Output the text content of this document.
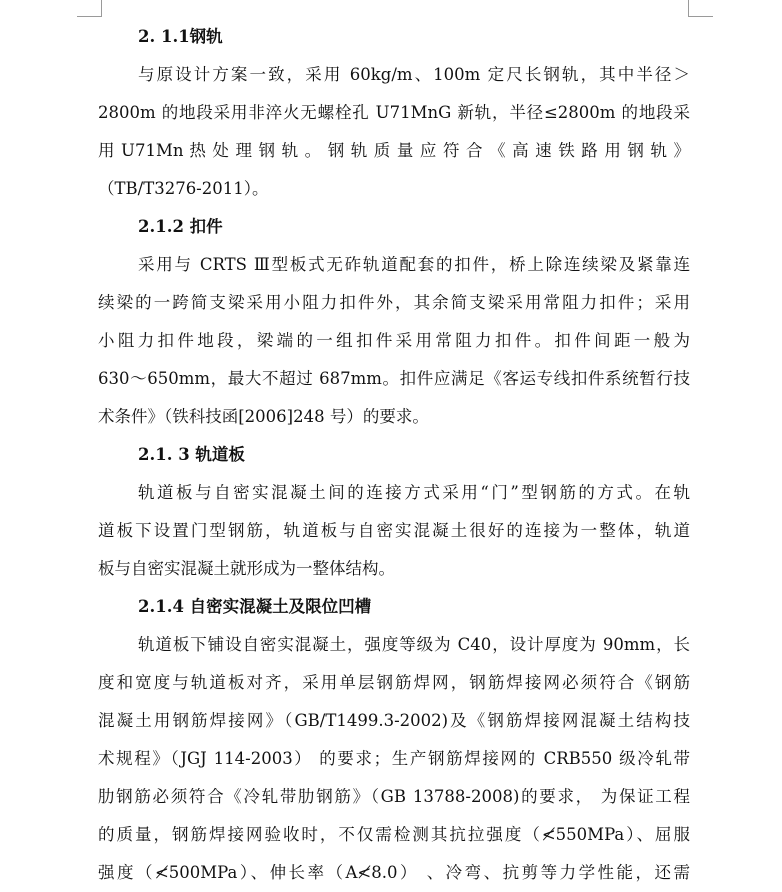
2. 1.1钢轨
与原设计方案一致，采用 60kg/m、100m 定尺长钢轨，其中半径＞
2800m 的地段采用非淬火无螺栓孔 U71MnG 新轨，半径≤2800m 的地段采
用 U71Mn 热 处 理 钢 轨 。 钢 轨 质 量 应 符 合 《 高 速 铁 路 用 钢 轨 》
（TB/T3276-2011）。
2.1.2 扣件
采用与 CRTS Ⅲ型板式无砟轨道配套的扣件，桥上除连续梁及紧靠连
续梁的一跨简支梁采用小阻力扣件外，其余简支梁采用常阻力扣件；采用
小阻力扣件地段，梁端的一组扣件采用常阻力扣件。扣件间距一般为
630～650mm，最大不超过 687mm。扣件应满足《客运专线扣件系统暂行技
术条件》（铁科技函[2006]248 号）的要求。
2.1. 3 轨道板
轨道板与自密实混凝土间的连接方式采用“门”型钢筋的方式。在轨
道板下设置门型钢筋，轨道板与自密实混凝土很好的连接为一整体，轨道
板与自密实混凝土就形成为一整体结构。
2.1.4 自密实混凝土及限位凹槽
轨道板下铺设自密实混凝土，强度等级为 C40，设计厚度为 90mm，长
度和宽度与轨道板对齐，采用单层钢筋焊网，钢筋焊接网必须符合《钢筋
混凝土用钢筋焊接网》（GB/T1499.3-2002)及《钢筋焊接网混凝土结构技
术规程》（JGJ 114-2003） 的要求；生产钢筋焊接网的 CRB550 级冷轧带
肋钢筋必须符合《冷轧带肋钢筋》（GB 13788-2008)的要求， 为保证工程
的质量，钢筋焊接网验收时，不仅需检测其抗拉强度（≮550MPa）、屈服
强度（≮500MPa）、伸长率（A≮8.0） 、冷弯、抗剪等力学性能，还需
